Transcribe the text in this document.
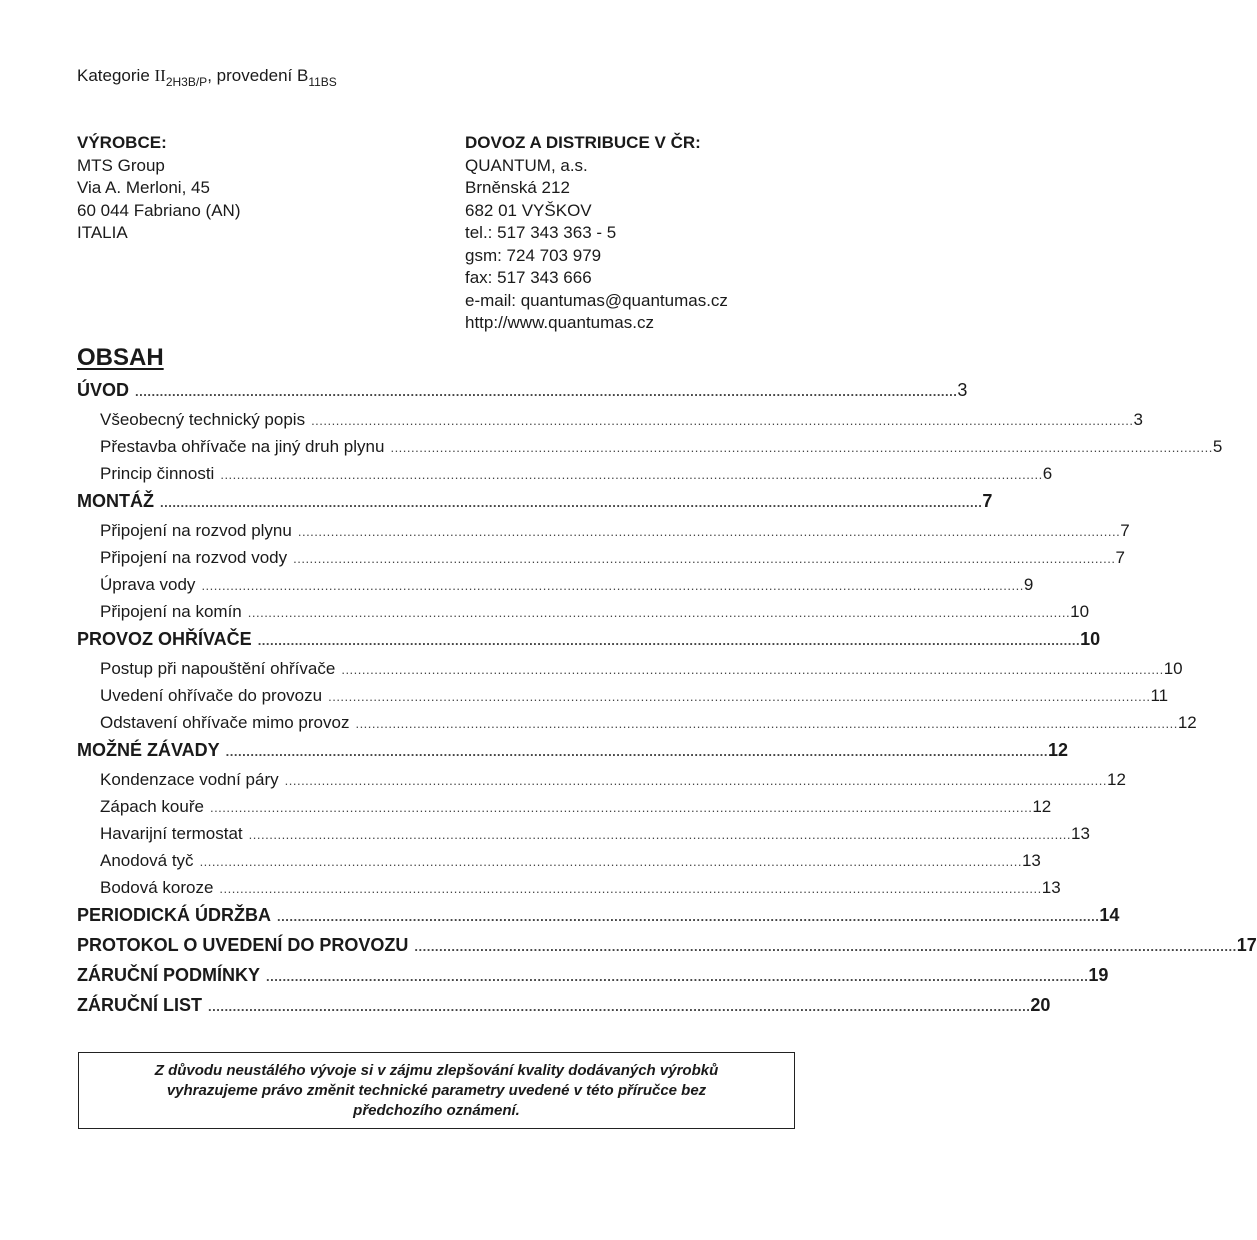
Kategorie $II_{2H3B/P}$, provedení $B_{11BS}$
VÝROBCE:
MTS Group
Via A. Merloni, 45
60 044 Fabriano (AN)
ITALIA
DOVOZ A DISTRIBUCE V ČR:
QUANTUM, a.s.
Brněnská 212
682 01 VYŠKOV
tel.: 517 343 363 - 5
gsm: 724 703 979
fax: 517 343 666
e-mail: quantumas@quantumas.cz
http://www.quantumas.cz
OBSAH
ÚVOD ........................................................................................................................................................................................................ 3
Všeobecný technický popis ........................................................................................................................................................................................................ 3
Přestavba ohřívače na jiný druh plynu ........................................................................................................................................................................................................ 5
Princip činnosti ........................................................................................................................................................................................................ 6
MONTÁŽ ........................................................................................................................................................................................................ 7
Připojení na rozvod plynu ........................................................................................................................................................................................................ 7
Připojení na rozvod vody ........................................................................................................................................................................................................ 7
Úprava vody ........................................................................................................................................................................................................ 9
Připojení na komín ........................................................................................................................................................................................................ 10
PROVOZ OHŘÍVAČE ........................................................................................................................................................................................................ 10
Postup při napouštění ohřívače ........................................................................................................................................................................................................ 10
Uvedení ohřívače do provozu ........................................................................................................................................................................................................ 11
Odstavení ohřívače mimo provoz ........................................................................................................................................................................................................ 12
MOŽNÉ ZÁVADY ........................................................................................................................................................................................................ 12
Kondenzace vodní páry ........................................................................................................................................................................................................ 12
Zápach kouře ........................................................................................................................................................................................................ 12
Havarijní termostat ........................................................................................................................................................................................................ 13
Anodová tyč ........................................................................................................................................................................................................ 13
Bodová koroze ........................................................................................................................................................................................................ 13
PERIODICKÁ ÚDRŽBA ........................................................................................................................................................................................................ 14
PROTOKOL O UVEDENÍ DO PROVOZU ........................................................................................................................................................................................................ 17
ZÁRUČNÍ PODMÍNKY ........................................................................................................................................................................................................ 19
ZÁRUČNÍ LIST ........................................................................................................................................................................................................ 20
Z důvodu neustálého vývoje si v zájmu zlepšování kvality dodávaných výrobků
vyhrazujeme právo změnit technické parametry uvedené v této příručce bez
předchozího oznámení.
